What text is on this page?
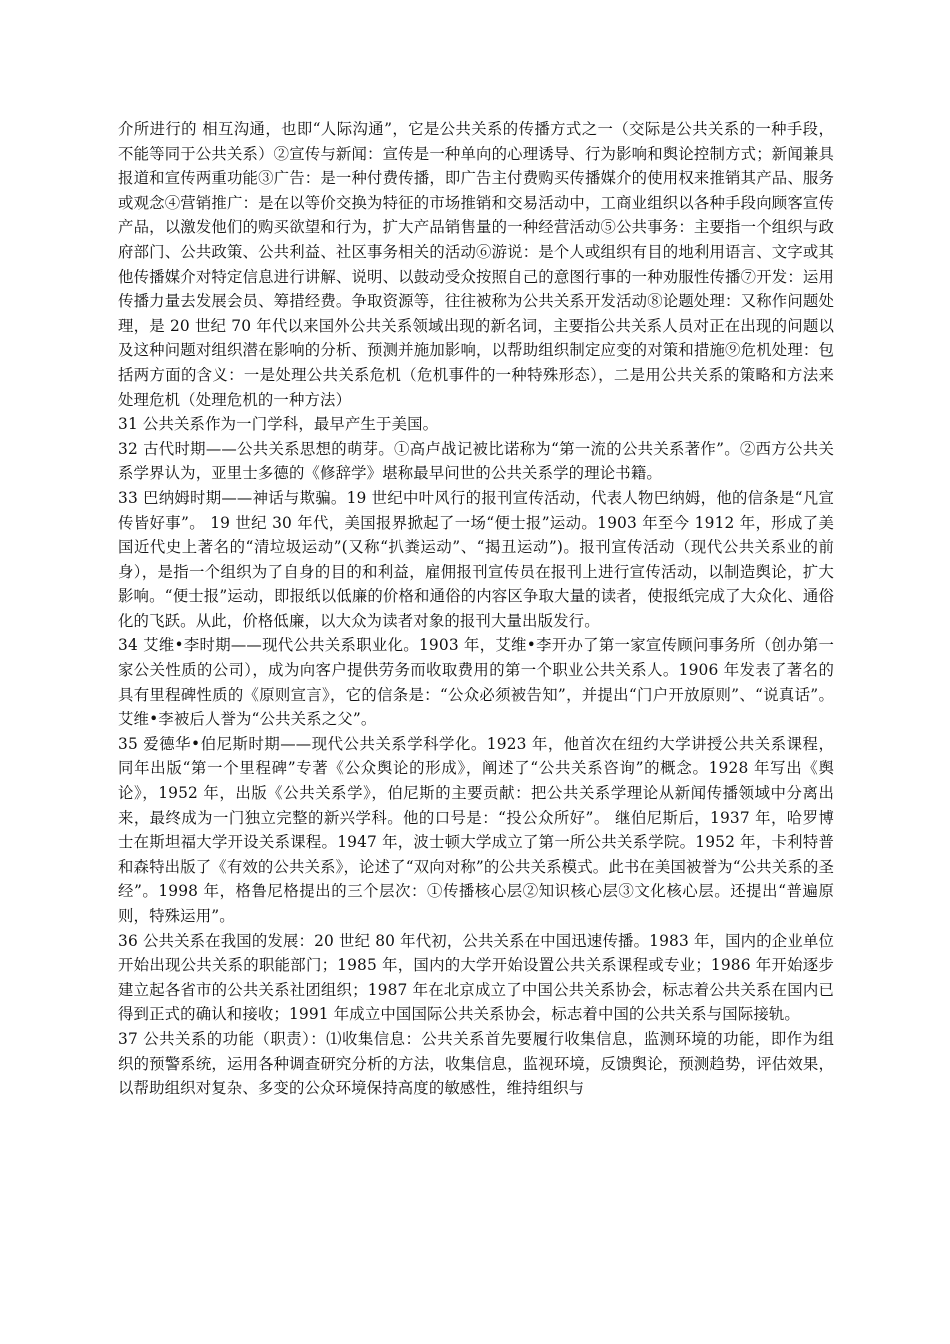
介所进行的 相互沟通，也即“人际沟通”，它是公共关系的传播方式之一（交际是公共关系的一种手段，不能等同于公共关系）②宣传与新闻：宣传是一种单向的心理诱导、行为影响和舆论控制方式；新闻兼具报道和宣传两重功能③广告：是一种付费传播，即广告主付费购买传播媒介的使用权来推销其产品、服务或观念④营销推广：是在以等价交换为特征的市场推销和交易活动中，工商业组织以各种手段向顾客宣传产品，以激发他们的购买欲望和行为，扩大产品销售量的一种经营活动⑤公共事务：主要指一个组织与政府部门、公共政策、公共利益、社区事务相关的活动⑥游说：是个人或组织有目的地利用语言、文字或其他传播媒介对特定信息进行讲解、说明、以鼓动受众按照自己的意图行事的一种劝服性传播⑦开发：运用传播力量去发展会员、筹措经费。争取资源等，往往被称为公共关系开发活动⑧论题处理：又称作问题处理，是 20 世纪 70 年代以来国外公共关系领域出现的新名词，主要指公共关系人员对正在出现的问题以及这种问题对组织潜在影响的分析、预测并施加影响，以帮助组织制定应变的对策和措施⑨危机处理：包括两方面的含义：一是处理公共关系危机（危机事件的一种特殊形态），二是用公共关系的策略和方法来处理危机（处理危机的一种方法）

31 公共关系作为一门学科，最早产生于美国。

32 古代时期——公共关系思想的萌芽。①高卢战记被比诺称为“第一流的公共关系著作”。②西方公共关系学界认为，亚里士多德的《修辞学》堪称最早问世的公共关系学的理论书籍。

33 巴纳姆时期——神话与欺骗。19 世纪中叶风行的报刊宣传活动，代表人物巴纳姆，他的信条是“凡宣传皆好事”。 19 世纪 30 年代，美国报界掀起了一场“便士报”运动。1903 年至今 1912 年，形成了美国近代史上著名的“清垃圾运动”(又称“扒粪运动”、“揭丑运动”)。报刊宣传活动（现代公共关系业的前身），是指一个组织为了自身的目的和利益，雇佣报刊宣传员在报刊上进行宣传活动，以制造舆论，扩大影响。“便士报”运动，即报纸以低廉的价格和通俗的内容区争取大量的读者，使报纸完成了大众化、通俗化的飞跃。从此，价格低廉，以大众为读者对象的报刊大量出版发行。

34 艾维•李时期——现代公共关系职业化。1903 年，艾维•李开办了第一家宣传顾问事务所（创办第一家公关性质的公司），成为向客户提供劳务而收取费用的第一个职业公共关系人。1906 年发表了著名的具有里程碑性质的《原则宣言》，它的信条是：“公众必须被告知”，并提出“门户开放原则”、“说真话”。艾维•李被后人誉为“公共关系之父”。

35 爱德华•伯尼斯时期——现代公共关系学科学化。1923 年，他首次在纽约大学讲授公共关系课程，同年出版“第一个里程碑”专著《公众舆论的形成》，阐述了“公共关系咨询”的概念。1928 年写出《舆论》，1952 年，出版《公共关系学》，伯尼斯的主要贡献：把公共关系学理论从新闻传播领域中分离出来，最终成为一门独立完整的新兴学科。他的口号是：“投公众所好”。 继伯尼斯后，1937 年，哈罗博士在斯坦福大学开设关系课程。1947 年，波士顿大学成立了第一所公共关系学院。1952 年，卡利特普和森特出版了《有效的公共关系》，论述了“双向对称”的公共关系模式。此书在美国被誉为“公共关系的圣经”。1998 年，格鲁尼格提出的三个层次：①传播核心层②知识核心层③文化核心层。还提出“普遍原则，特殊运用”。

36 公共关系在我国的发展：20 世纪 80 年代初，公共关系在中国迅速传播。1983 年，国内的企业单位开始出现公共关系的职能部门；1985 年，国内的大学开始设置公共关系课程或专业；1986 年开始逐步建立起各省市的公共关系社团组织；1987 年在北京成立了中国公共关系协会，标志着公共关系在国内已得到正式的确认和接收；1991 年成立中国国际公共关系协会，标志着中国的公共关系与国际接轨。

37 公共关系的功能（职责）：⑴收集信息：公共关系首先要履行收集信息，监测环境的功能，即作为组织的预警系统，运用各种调查研究分析的方法，收集信息，监视环境，反馈舆论，预测趋势，评估效果，以帮助组织对复杂、多变的公众环境保持高度的敏感性，维持组织与
